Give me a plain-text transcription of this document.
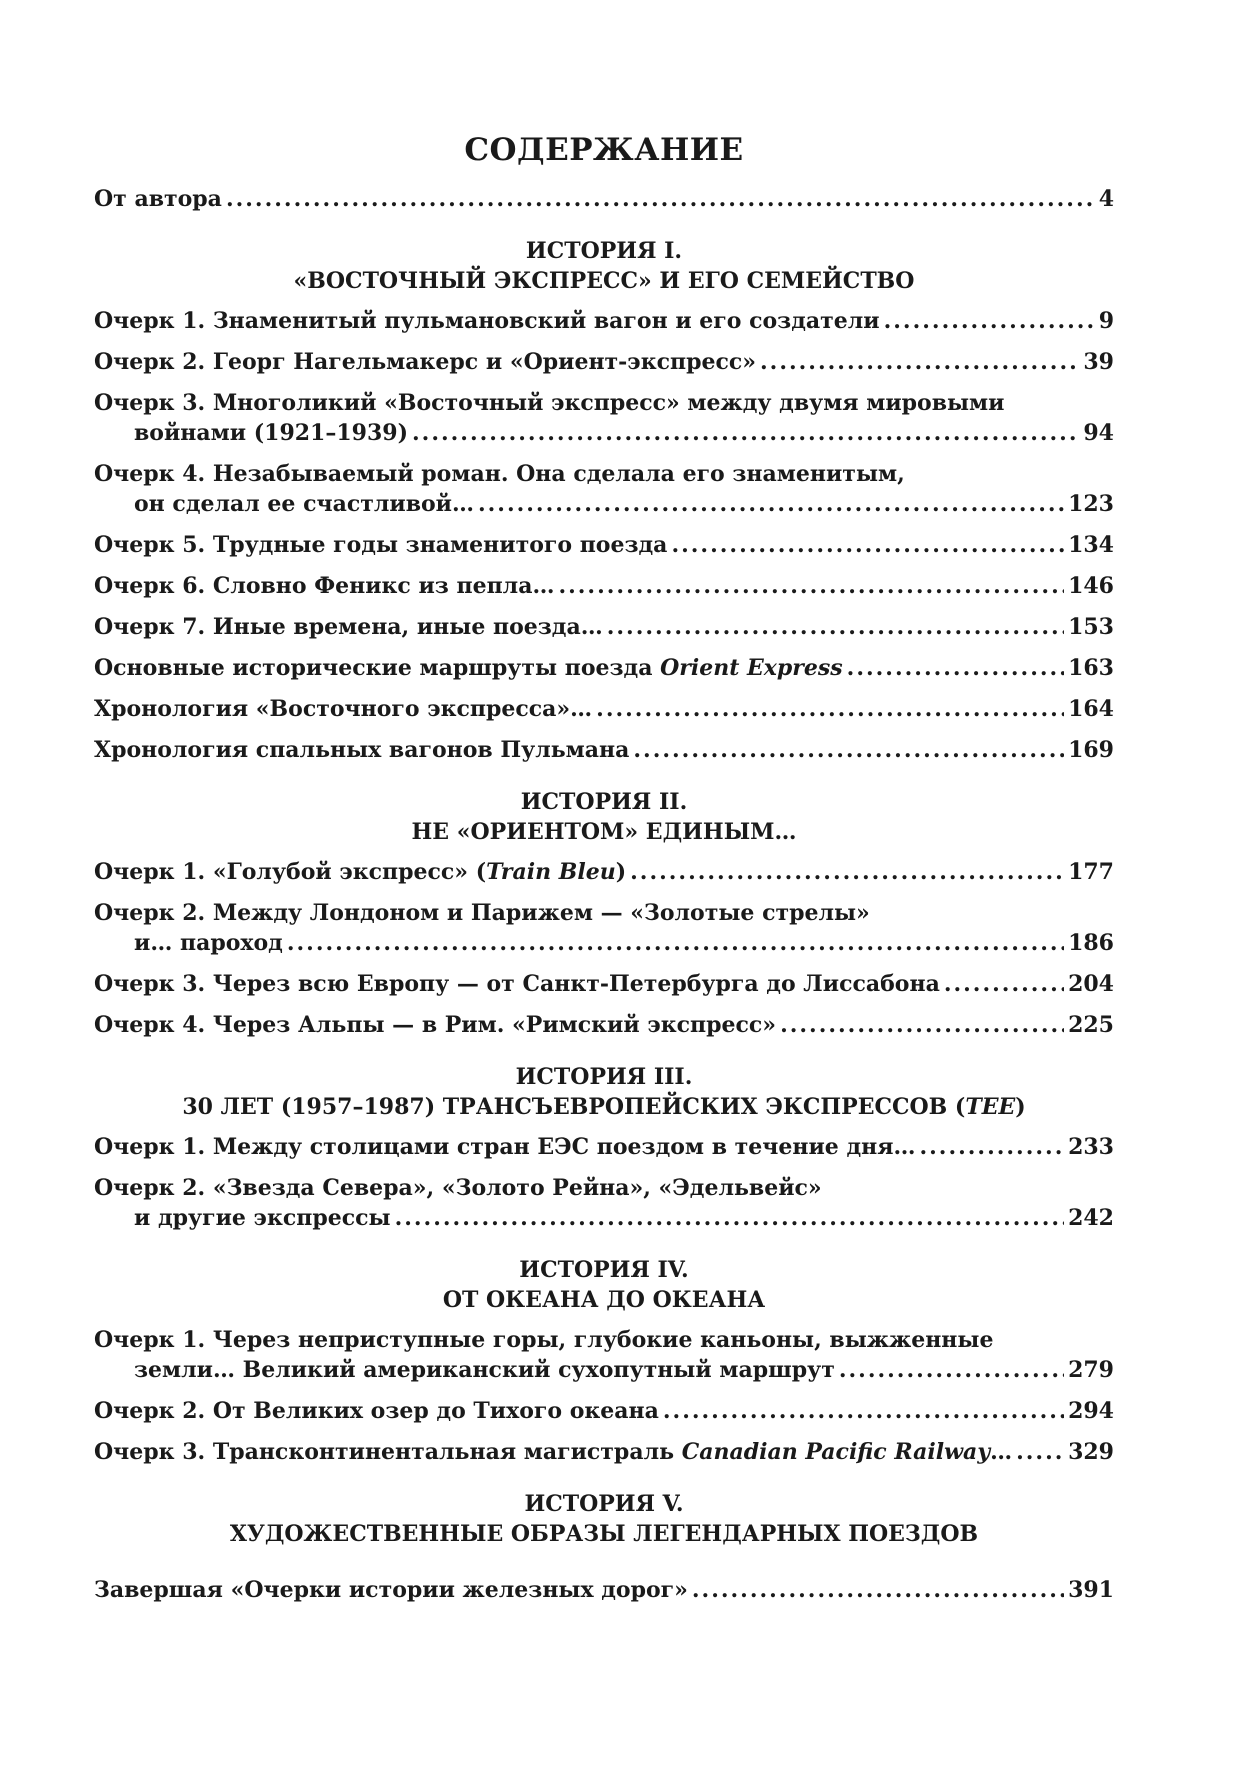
СОДЕРЖАНИЕ
От автора .....	4
ИСТОРИЯ I.
«ВОСТОЧНЫЙ ЭКСПРЕСС» И ЕГО СЕМЕЙСТВО
Очерк 1. Знаменитый пульмановский вагон и его создатели .....	9
Очерк 2. Георг Нагельмакерс и «Ориент-экспресс» .....	39
Очерк 3. Многоликий «Восточный экспресс» между двумя мировыми
войнами (1921–1939) .....	94
Очерк 4. Незабываемый роман. Она сделала его знаменитым,
он сделал ее счастливой… .....	123
Очерк 5. Трудные годы знаменитого поезда .....	134
Очерк 6. Словно Феникс из пепла… .....	146
Очерк 7. Иные времена, иные поезда… .....	153
Основные исторические маршруты поезда Orient Express .....	163
Хронология «Восточного экспресса»… .....	164
Хронология спальных вагонов Пульмана .....	169
ИСТОРИЯ II.
НЕ «ОРИЕНТОМ» ЕДИНЫМ…
Очерк 1. «Голубой экспресс» (Train Bleu) .....	177
Очерк 2. Между Лондоном и Парижем — «Золотые стрелы»
и… пароход .....	186
Очерк 3. Через всю Европу — от Санкт-Петербурга до Лиссабона .....	204
Очерк 4. Через Альпы — в Рим. «Римский экспресс» .....	225
ИСТОРИЯ III.
30 ЛЕТ (1957–1987) ТРАНСЪЕВРОПЕЙСКИХ ЭКСПРЕССОВ (TEE)
Очерк 1. Между столицами стран ЕЭС поездом в течение дня… .....	233
Очерк 2. «Звезда Севера», «Золото Рейна», «Эдельвейс»
и другие экспрессы .....	242
ИСТОРИЯ IV.
ОТ ОКЕАНА ДО ОКЕАНА
Очерк 1. Через неприступные горы, глубокие каньоны, выжженные
земли… Великий американский сухопутный маршрут .....	279
Очерк 2. От Великих озер до Тихого океана .....	294
Очерк 3. Трансконтинентальная магистраль Canadian Pacific Railway… .....	329
ИСТОРИЯ V.
ХУДОЖЕСТВЕННЫЕ ОБРАЗЫ ЛЕГЕНДАРНЫХ ПОЕЗДОВ
Завершая «Очерки истории железных дорог» .....	391
